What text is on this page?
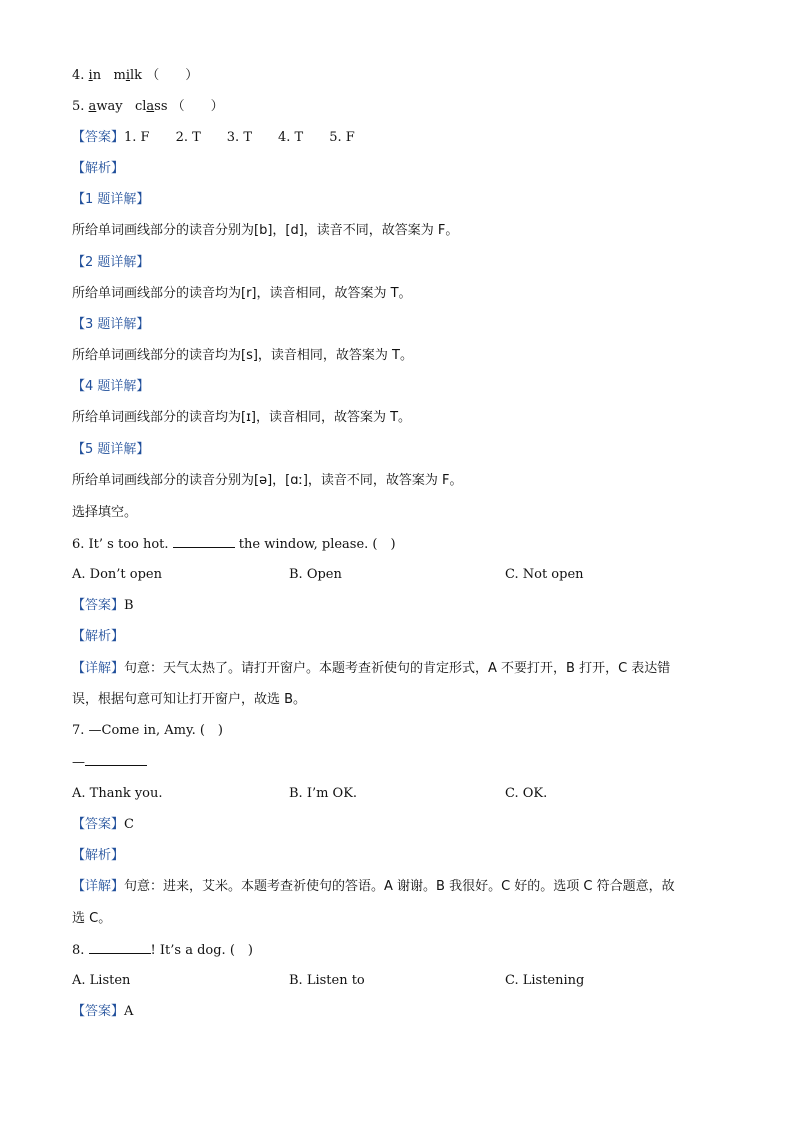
4. in milk （　　）
5. away class （　　）
【答案】1. F　　2. T　　3. T　　4. T　　5. F
【解析】
【1 题详解】
所给单词画线部分的读音分别为[b]，[d]，读音不同，故答案为 F。
【2 题详解】
所给单词画线部分的读音均为[r]，读音相同，故答案为 T。
【3 题详解】
所给单词画线部分的读音均为[s]，读音相同，故答案为 T。
【4 题详解】
所给单词画线部分的读音均为[ɪ]，读音相同，故答案为 T。
【5 题详解】
所给单词画线部分的读音分别为[ə]，[ɑː]，读音不同，故答案为 F。
选择填空。
6. It’ s too hot.	the window, please. (　)
A. Don’t open	B. Open	C. Not open
【答案】B
【解析】
【详解】句意：天气太热了。请打开窗户。本题考查祈使句的肯定形式，A 不要打开，B 打开，C 表达错
误，根据句意可知让打开窗户，故选 B。
7. —Come in, Amy. (　)
—
A. Thank you.	B. I’m OK.	C. OK.
【答案】C
【解析】
【详解】句意：进来，艾米。本题考查祈使句的答语。A 谢谢。B 我很好。C 好的。选项 C 符合题意，故
选 C。
8.	! It’s a dog. (　)
A. Listen	B. Listen to	C. Listening
【答案】A
